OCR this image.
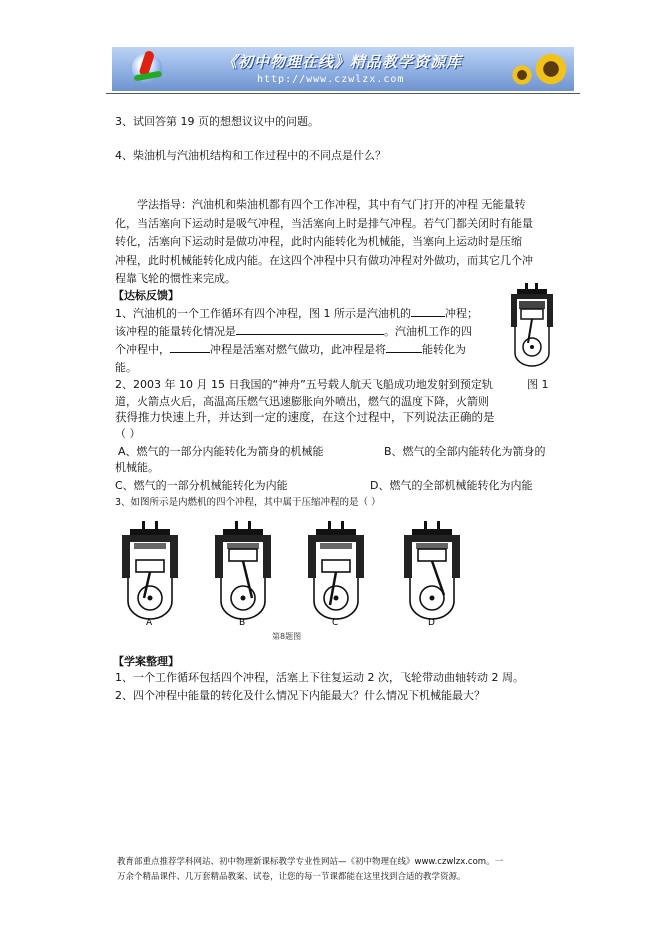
《初中物理在线》精品教学资源库
http://www.czwlzx.com
3、试回答第 19 页的想想议议中的问题。
4、柴油机与汽油机结构和工作过程中的不同点是什么？
学法指导：汽油机和柴油机都有四个工作冲程，其中有气门打开的冲程 无能量转
化，当活塞向下运动时是吸气冲程，当活塞向上时是排气冲程。若气门都关闭时有能量
转化，活塞向下运动时是做功冲程，此时内能转化为机械能，当塞向上运动时是压缩
冲程，此时机械能转化成内能。在这四个冲程中只有做功冲程对外做功，而其它几个冲
程靠飞轮的惯性来完成。
【达标反馈】
1、汽油机的一个工作循环有四个冲程，图 1 所示是汽油机的	冲程；
该冲程的能量转化情况是	。汽油机工作的四
个冲程中，	冲程是活塞对燃气做功，此冲程是将	能转化为
能。
图 1
2、2003 年 10 月 15 日我国的“神舟”五号载人航天飞船成功地发射到预定轨
道，火箭点火后，高温高压燃气迅速膨胀向外喷出，燃气的温度下降，火箭则
获得推力快速上升，并达到一定的速度，在这个过程中，下列说法正确的是
（ ）
A、燃气的一部分内能转化为箭身的机械能	B、燃气的全部内能转化为箭身的
机械能。
C、燃气的一部分机械能转化为内能	D、燃气的全部机械能转化为内能
3、如图所示是内燃机的四个冲程，其中属于压缩冲程的是（ ）
A	B	C	D
第8题图
【学案整理】
1、一个工作循环包括四个冲程，活塞上下往复运动 2 次，飞轮带动曲轴转动 2 周。
2、四个冲程中能量的转化及什么情况下内能最大？什么情况下机械能最大？
教育部重点推荐学科网站、初中物理新课标教学专业性网站—《初中物理在线》www.czwlzx.com。一
万余个精品课件、几万套精品教案、试卷，让您的每一节课都能在这里找到合适的教学资源。
